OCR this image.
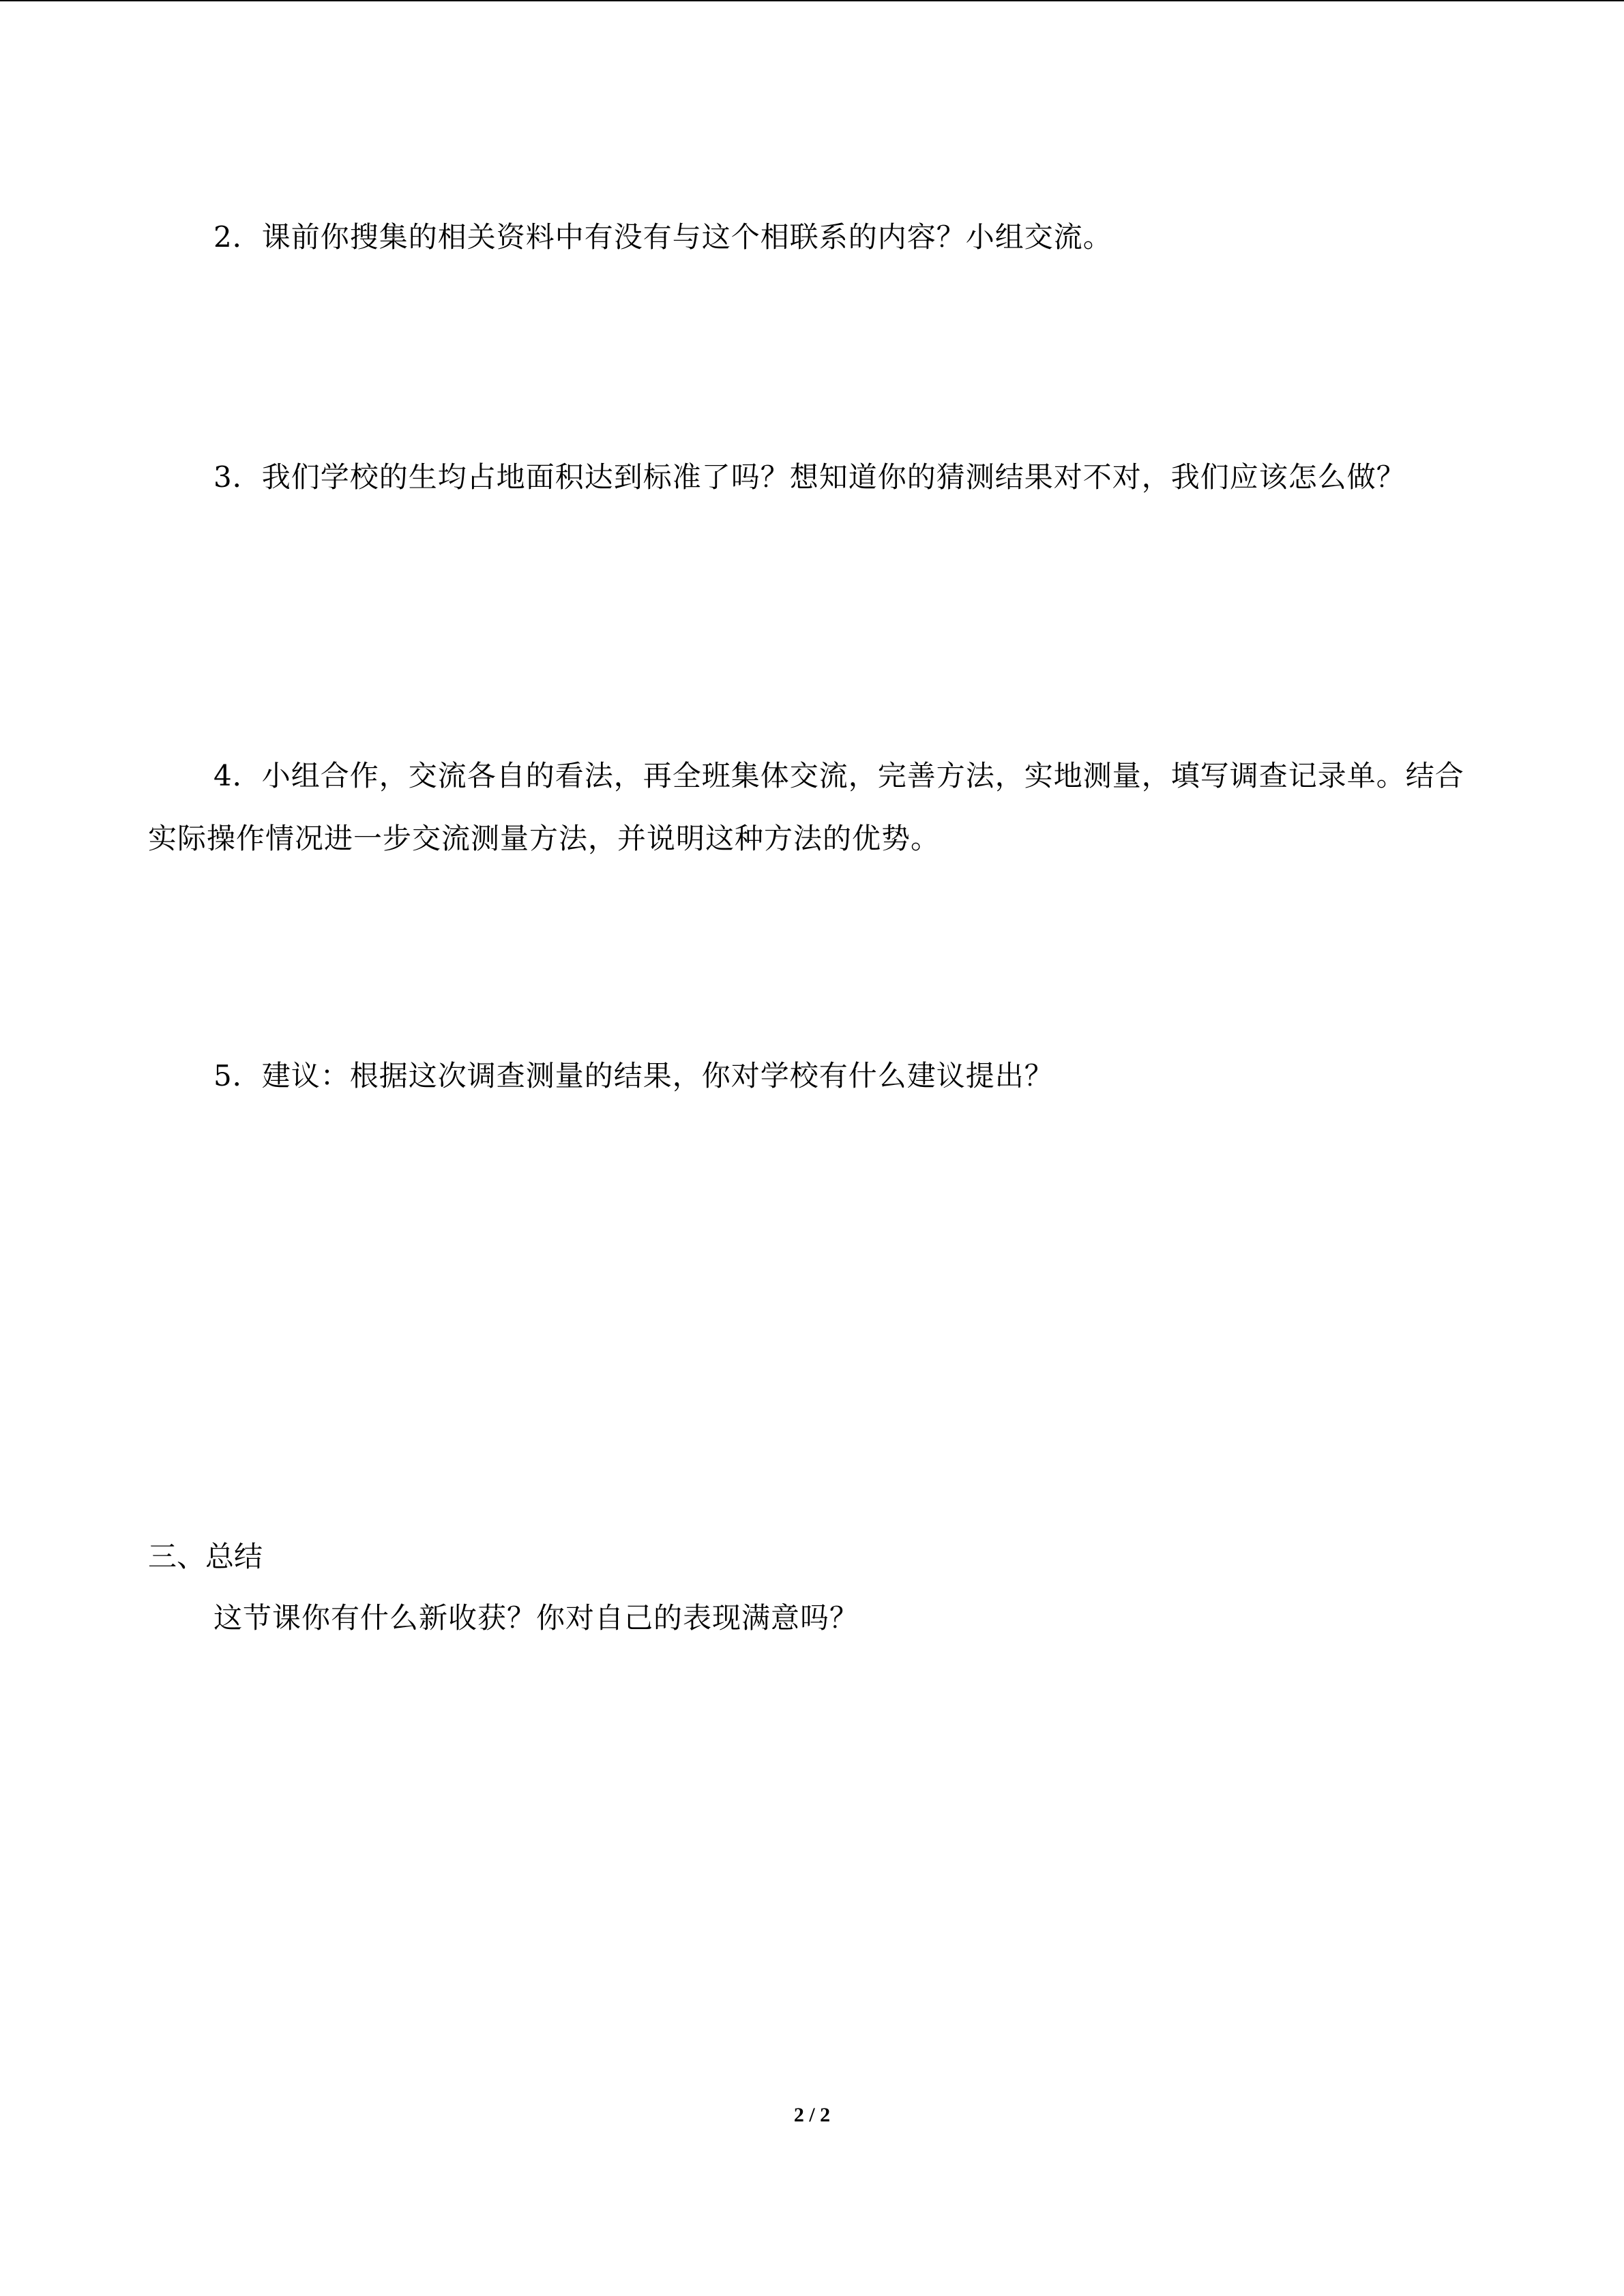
2．课前你搜集的相关资料中有没有与这个相联系的内容？小组交流。

3．我们学校的生均占地面积达到标准了吗？想知道你的猜测结果对不对，我们应该怎么做？

4．小组合作，交流各自的看法，再全班集体交流，完善方法，实地测量，填写调查记录单。结合实际操作情况进一步交流测量方法，并说明这种方法的优势。

5．建议：根据这次调查测量的结果，你对学校有什么建议提出？

三、总结

这节课你有什么新收获？你对自己的表现满意吗？

2 / 2
